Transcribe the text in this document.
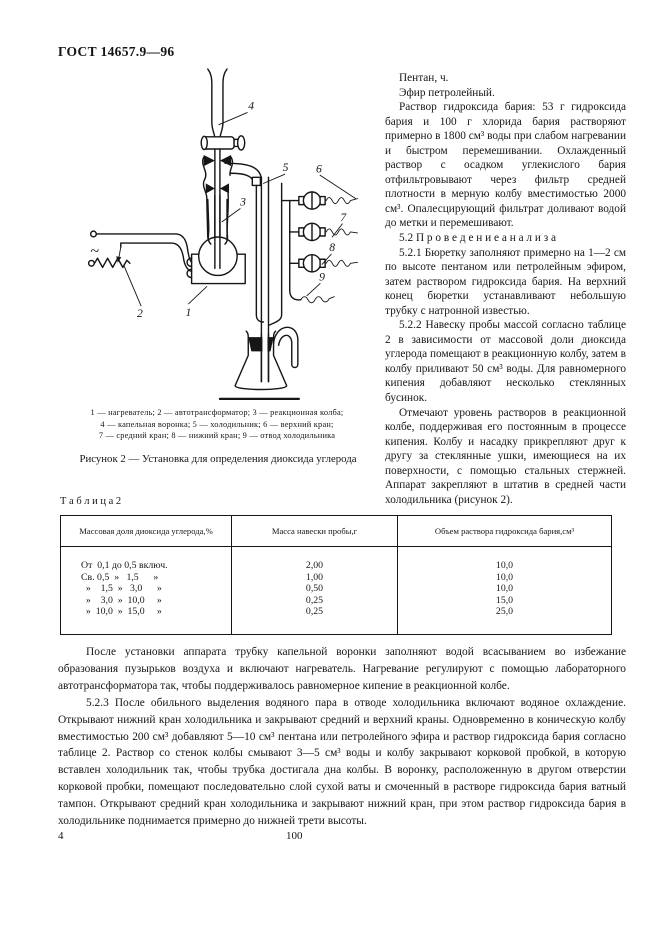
ГОСТ 14657.9—96
~
1
2
3
4
5 6
7
8
9
1 — нагреватель; 2 — автотрансформатор; 3 — реакционная колба;
4 — капельная воронка; 5 — холодильник; 6 — верхний кран;
7 — средний кран; 8 — нижний кран; 9 — отвод холодильника
Рисунок 2 — Установка для определения диоксида углерода

Пентан, ч.

Эфир петролейный.

Раствор гидроксида бария: 53 г гидроксида бария и 100 г хлорида бария растворяют примерно в 1800 см³ воды при слабом нагревании и быстром перемешивании. Охлажденный раствор с осадком углекислого бария отфильтровывают через фильтр средней плотности в мерную колбу вместимостью 2000 см³. Опалесцирующий фильтрат доливают водой до метки и перемешивают.

5.2 П р о в е д е н и е а н а л и з а

5.2.1 Бюретку заполняют примерно на 1—2 см по высоте пентаном или петролейным эфиром, затем раствором гидроксида бария. На верхний конец бюретки устанавливают небольшую трубку с натронной известью.

5.2.2 Навеску пробы массой согласно таблице 2 в зависимости от массовой доли диоксида углерода помещают в реакционную колбу, затем в колбу приливают 50 см³ воды. Для равномерного кипения добавляют несколько стеклянных бусинок.

Отмечают уровень растворов в реакционной колбе, поддерживая его постоянным в процессе кипения. Колбу и насадку прикрепляют друг к другу за стеклянные ушки, имеющиеся на их поверхности, с помощью стальных стержней. Аппарат закрепляют в штатив в средней части холодильника (рисунок 2).

Т а б л и ц а 2
Массовая доля диоксида углерода,%	Масса навески пробы,г	Объем раствора гидроксида бария,см³
От  0,1 до 0,5 включ.	2,00	10,0
Св. 0,5  »   1,5      »	1,00	10,0
»    1,5  »   3,0      »	0,50	10,0
»    3,0  »  10,0     »	0,25	15,0
»  10,0  »  15,0     »	0,25	25,0

После установки аппарата трубку капельной воронки заполняют водой всасыванием во избежание образования пузырьков воздуха и включают нагреватель. Нагревание регулируют с помощью лабораторного автотрансформатора так, чтобы поддерживалось равномерное кипение в реакционной колбе.

5.2.3 После обильного выделения водяного пара в отводе холодильника включают водяное охлаждение. Открывают нижний кран холодильника и закрывают средний и верхний краны. Одновременно в коническую колбу вместимостью 200 см³ добавляют 5—10 см³ пентана или петролейного эфира и раствор гидроксида бария согласно таблице 2. Раствор со стенок колбы смывают 3—5 см³ воды и колбу закрывают корковой пробкой, в которую вставлен холодильник так, чтобы трубка достигала дна колбы. В воронку, расположенную в другом отверстии корковой пробки, помещают последовательно слой сухой ваты и смоченный в растворе гидроксида бария ватный тампон. Открывают средний кран холодильника и закрывают нижний кран, при этом раствор гидроксида бария в холодильнике поднимается примерно до нижней трети высоты.

4	100
